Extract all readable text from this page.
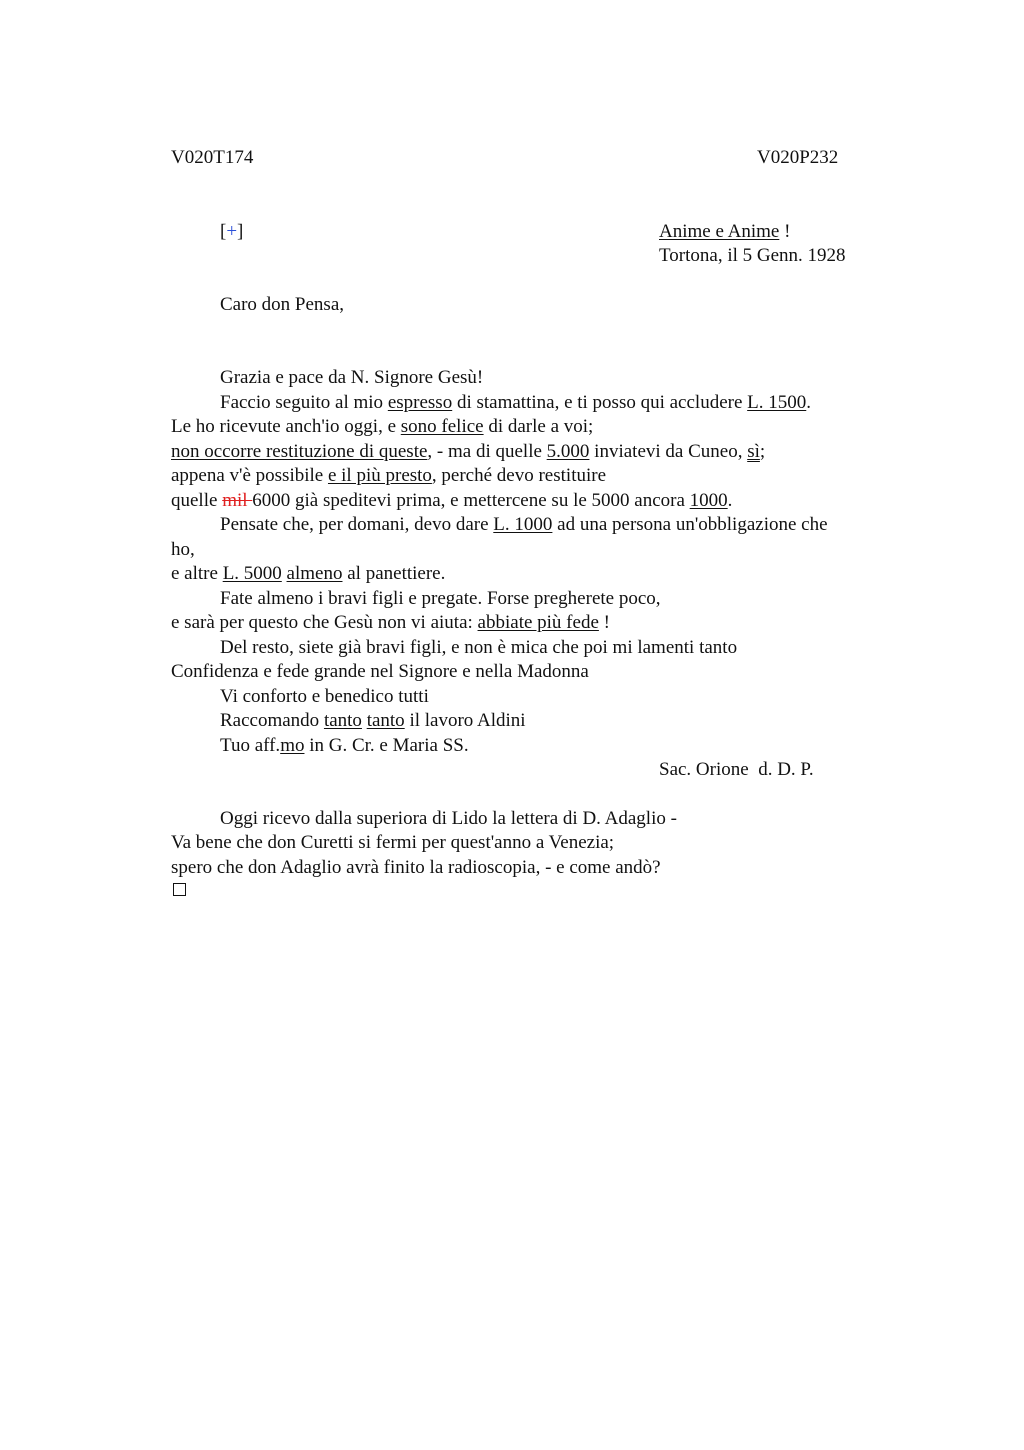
V020T174	V020P232
[+]	Anime e Anime !
Tortona, il 5 Genn. 1928
Caro don Pensa,
Grazia e pace da N. Signore Gesù!
Faccio seguito al mio espresso di stamattina, e ti posso qui accludere L. 1500.
Le ho ricevute anch'io oggi, e sono felice di darle a voi;
non occorre restituzione di queste, - ma di quelle 5.000 inviatevi da Cuneo, sì;
appena v'è possibile e il più presto, perché devo restituire
quelle mil 6000 già speditevi prima, e mettercene su le 5000 ancora 1000.
Pensate che, per domani, devo dare L. 1000 ad una persona un'obbligazione che
ho,
e altre L. 5000 almeno al panettiere.
Fate almeno i bravi figli e pregate. Forse pregherete poco,
e sarà per questo che Gesù non vi aiuta: abbiate più fede !
Del resto, siete già bravi figli, e non è mica che poi mi lamenti tanto
Confidenza e fede grande nel Signore e nella Madonna
Vi conforto e benedico tutti
Raccomando tanto tanto il lavoro Aldini
Tuo aff.mo in G. Cr. e Maria SS.
Sac. Orione  d. D. P.
Oggi ricevo dalla superiora di Lido la lettera di D. Adaglio -
Va bene che don Curetti si fermi per quest'anno a Venezia;
spero che don Adaglio avrà finito la radioscopia, - e come andò?
